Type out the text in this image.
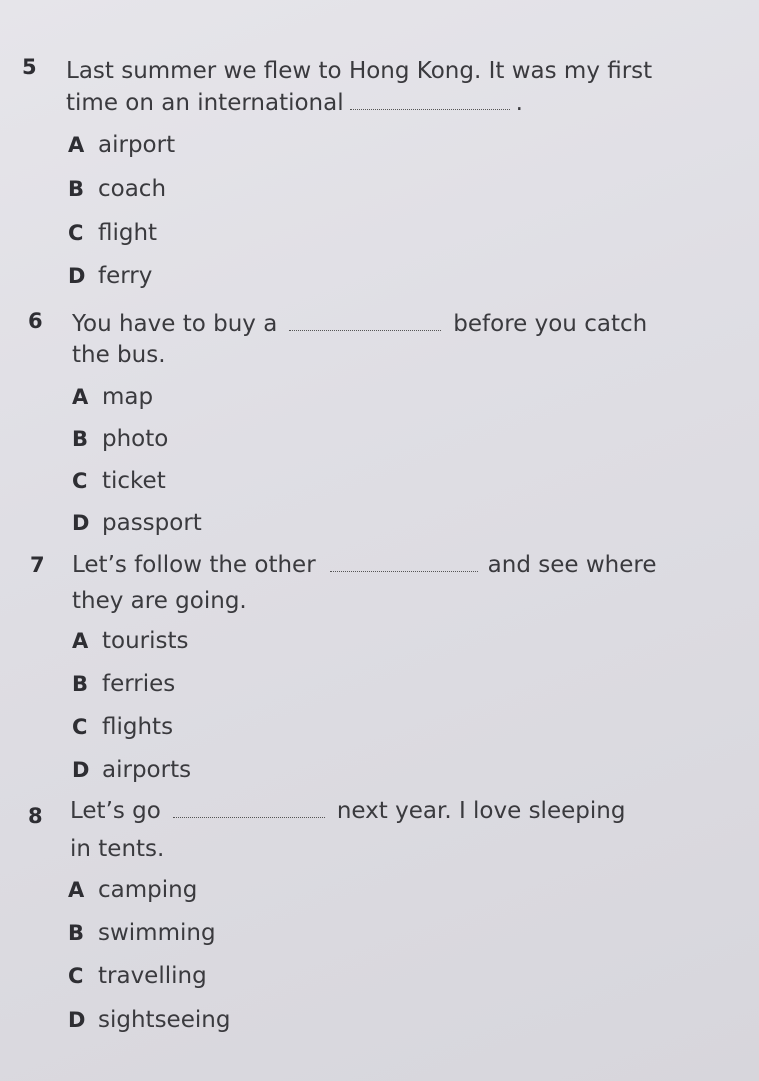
5 Last summer we flew to Hong Kong. It was my first
time on an international	.
A airport
B coach
C flight
D ferry
6 You have to buy a	before you catch
the bus.
A map
B photo
C ticket
D passport
7 Let’s follow the other	and see where
they are going.
A tourists
B ferries
C flights
D airports
8 Let’s go	next year. I love sleeping
in tents.
A camping
B swimming
C travelling
D sightseeing
